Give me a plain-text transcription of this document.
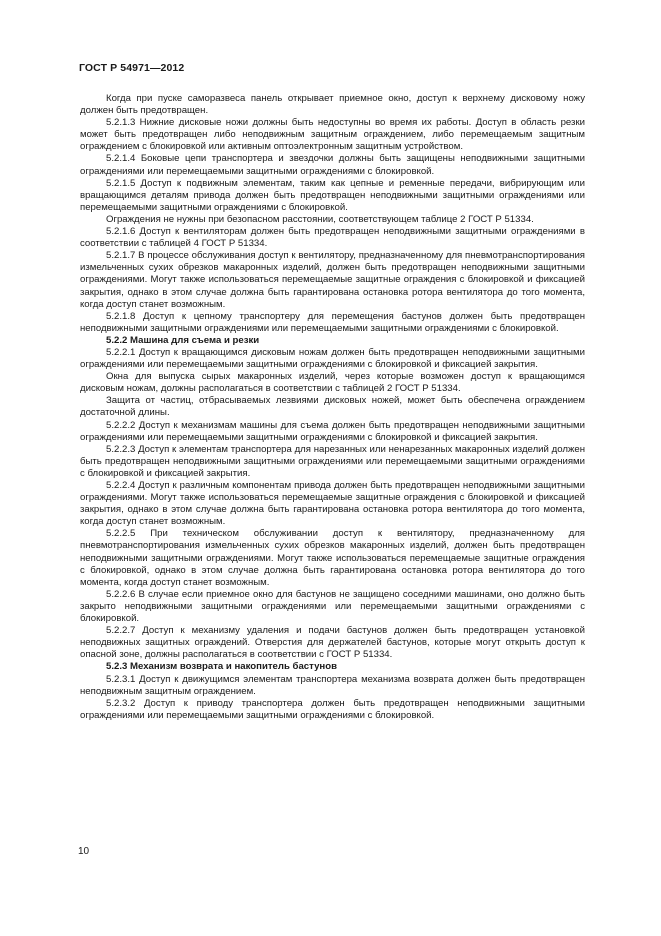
ГОСТ Р 54971—2012

Когда при пуске саморазвеса панель открывает приемное окно, доступ к верхнему дисковому ножу должен быть предотвращен.

5.2.1.3 Нижние дисковые ножи должны быть недоступны во время их работы. Доступ в область резки может быть предотвращен либо неподвижным защитным ограждением, либо перемещаемым защитным ограждением с блокировкой или активным оптоэлектронным защитным устройством.

5.2.1.4 Боковые цепи транспортера и звездочки должны быть защищены неподвижными защитными ограждениями или перемещаемыми защитными ограждениями с блокировкой.

5.2.1.5 Доступ к подвижным элементам, таким как цепные и ременные передачи, вибрирующим или вращающимся деталям привода должен быть предотвращен неподвижными защитными ограждениями или перемещаемыми защитными ограждениями с блокировкой.

Ограждения не нужны при безопасном расстоянии, соответствующем таблице 2 ГОСТ Р 51334.

5.2.1.6 Доступ к вентиляторам должен быть предотвращен неподвижными защитными ограждениями в соответствии с таблицей 4 ГОСТ Р 51334.

5.2.1.7 В процессе обслуживания доступ к вентилятору, предназначенному для пневмотранспортирования измельченных сухих обрезков макаронных изделий, должен быть предотвращен неподвижными защитными ограждениями. Могут также использоваться перемещаемые защитные ограждения с блокировкой и фиксацией закрытия, однако в этом случае должна быть гарантирована остановка ротора вентилятора до того момента, когда доступ станет возможным.

5.2.1.8 Доступ к цепному транспортеру для перемещения бастунов должен быть предотвращен неподвижными защитными ограждениями или перемещаемыми защитными ограждениями с блокировкой.

5.2.2 Машина для съема и резки

5.2.2.1 Доступ к вращающимся дисковым ножам должен быть предотвращен неподвижными защитными ограждениями или перемещаемыми защитными ограждениями с блокировкой и фиксацией закрытия.

Окна для выпуска сырых макаронных изделий, через которые возможен доступ к вращающимся дисковым ножам, должны располагаться в соответствии с таблицей 2 ГОСТ Р 51334.

Защита от частиц, отбрасываемых лезвиями дисковых ножей, может быть обеспечена ограждением достаточной длины.

5.2.2.2 Доступ к механизмам машины для съема должен быть предотвращен неподвижными защитными ограждениями или перемещаемыми защитными ограждениями с блокировкой и фиксацией закрытия.

5.2.2.3 Доступ к элементам транспортера для нарезанных или ненарезанных макаронных изделий должен быть предотвращен неподвижными защитными ограждениями или перемещаемыми защитными ограждениями с блокировкой и фиксацией закрытия.

5.2.2.4 Доступ к различным компонентам привода должен быть предотвращен неподвижными защитными ограждениями. Могут также использоваться перемещаемые защитные ограждения с блокировкой и фиксацией закрытия, однако в этом случае должна быть гарантирована остановка ротора вентилятора до того момента, когда доступ станет возможным.

5.2.2.5 При техническом обслуживании доступ к вентилятору, предназначенному для пневмотранспортирования измельченных сухих обрезков макаронных изделий, должен быть предотвращен неподвижными защитными ограждениями. Могут также использоваться перемещаемые защитные ограждения с блокировкой, однако в этом случае должна быть гарантирована остановка ротора вентилятора до того момента, когда доступ станет возможным.

5.2.2.6 В случае если приемное окно для бастунов не защищено соседними машинами, оно должно быть закрыто неподвижными защитными ограждениями или перемещаемыми защитными ограждениями с блокировкой.

5.2.2.7 Доступ к механизму удаления и подачи бастунов должен быть предотвращен установкой неподвижных защитных ограждений. Отверстия для держателей бастунов, которые могут открыть доступ к опасной зоне, должны располагаться в соответствии с ГОСТ Р 51334.

5.2.3 Механизм возврата и накопитель бастунов

5.2.3.1 Доступ к движущимся элементам транспортера механизма возврата должен быть предотвращен неподвижным защитным ограждением.

5.2.3.2 Доступ к приводу транспортера должен быть предотвращен неподвижными защитными ограждениями или перемещаемыми защитными ограждениями с блокировкой.

10
